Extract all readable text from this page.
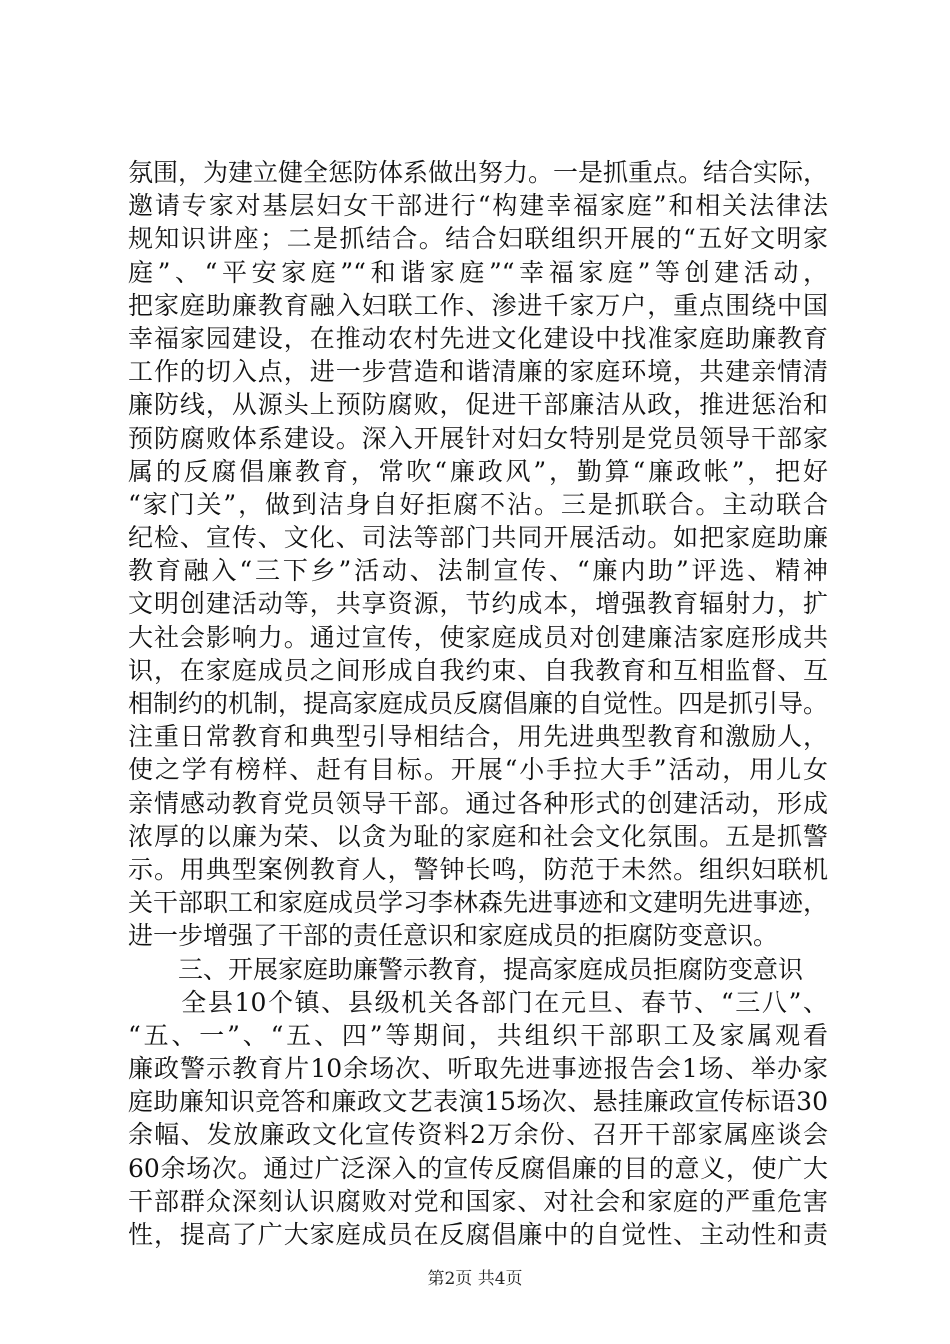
氛围，为建立健全惩防体系做出努力。一是抓重点。结合实际，
邀请专家对基层妇女干部进行“构建幸福家庭”和相关法律法
规知识讲座；二是抓结合。结合妇联组织开展的“五好文明家
庭”、“平安家庭”“和谐家庭”“幸福家庭”等创建活动，
把家庭助廉教育融入妇联工作、渗进千家万户，重点围绕中国
幸福家园建设，在推动农村先进文化建设中找准家庭助廉教育
工作的切入点，进一步营造和谐清廉的家庭环境，共建亲情清
廉防线，从源头上预防腐败，促进干部廉洁从政，推进惩治和
预防腐败体系建设。深入开展针对妇女特别是党员领导干部家
属的反腐倡廉教育，常吹“廉政风”，勤算“廉政帐”，把好
“家门关”，做到洁身自好拒腐不沾。三是抓联合。主动联合
纪检、宣传、文化、司法等部门共同开展活动。如把家庭助廉
教育融入“三下乡”活动、法制宣传、“廉内助”评选、精神
文明创建活动等，共享资源，节约成本，增强教育辐射力，扩
大社会影响力。通过宣传，使家庭成员对创建廉洁家庭形成共
识，在家庭成员之间形成自我约束、自我教育和互相监督、互
相制约的机制，提高家庭成员反腐倡廉的自觉性。四是抓引导。
注重日常教育和典型引导相结合，用先进典型教育和激励人，
使之学有榜样、赶有目标。开展“小手拉大手”活动，用儿女
亲情感动教育党员领导干部。通过各种形式的创建活动，形成
浓厚的以廉为荣、以贪为耻的家庭和社会文化氛围。五是抓警
示。用典型案例教育人，警钟长鸣，防范于未然。组织妇联机
关干部职工和家庭成员学习李林森先进事迹和文建明先进事迹，
进一步增强了干部的责任意识和家庭成员的拒腐防变意识。
　　三、开展家庭助廉警示教育，提高家庭成员拒腐防变意识
　　全县10个镇、县级机关各部门在元旦、春节、“三八”、
“五、一”、“五、四”等期间，共组织干部职工及家属观看
廉政警示教育片10余场次、听取先进事迹报告会1场、举办家
庭助廉知识竞答和廉政文艺表演15场次、悬挂廉政宣传标语30
余幅、发放廉政文化宣传资料2万余份、召开干部家属座谈会
60余场次。通过广泛深入的宣传反腐倡廉的目的意义，使广大
干部群众深刻认识腐败对党和国家、对社会和家庭的严重危害
性，提高了广大家庭成员在反腐倡廉中的自觉性、主动性和责
第2页 共4页
